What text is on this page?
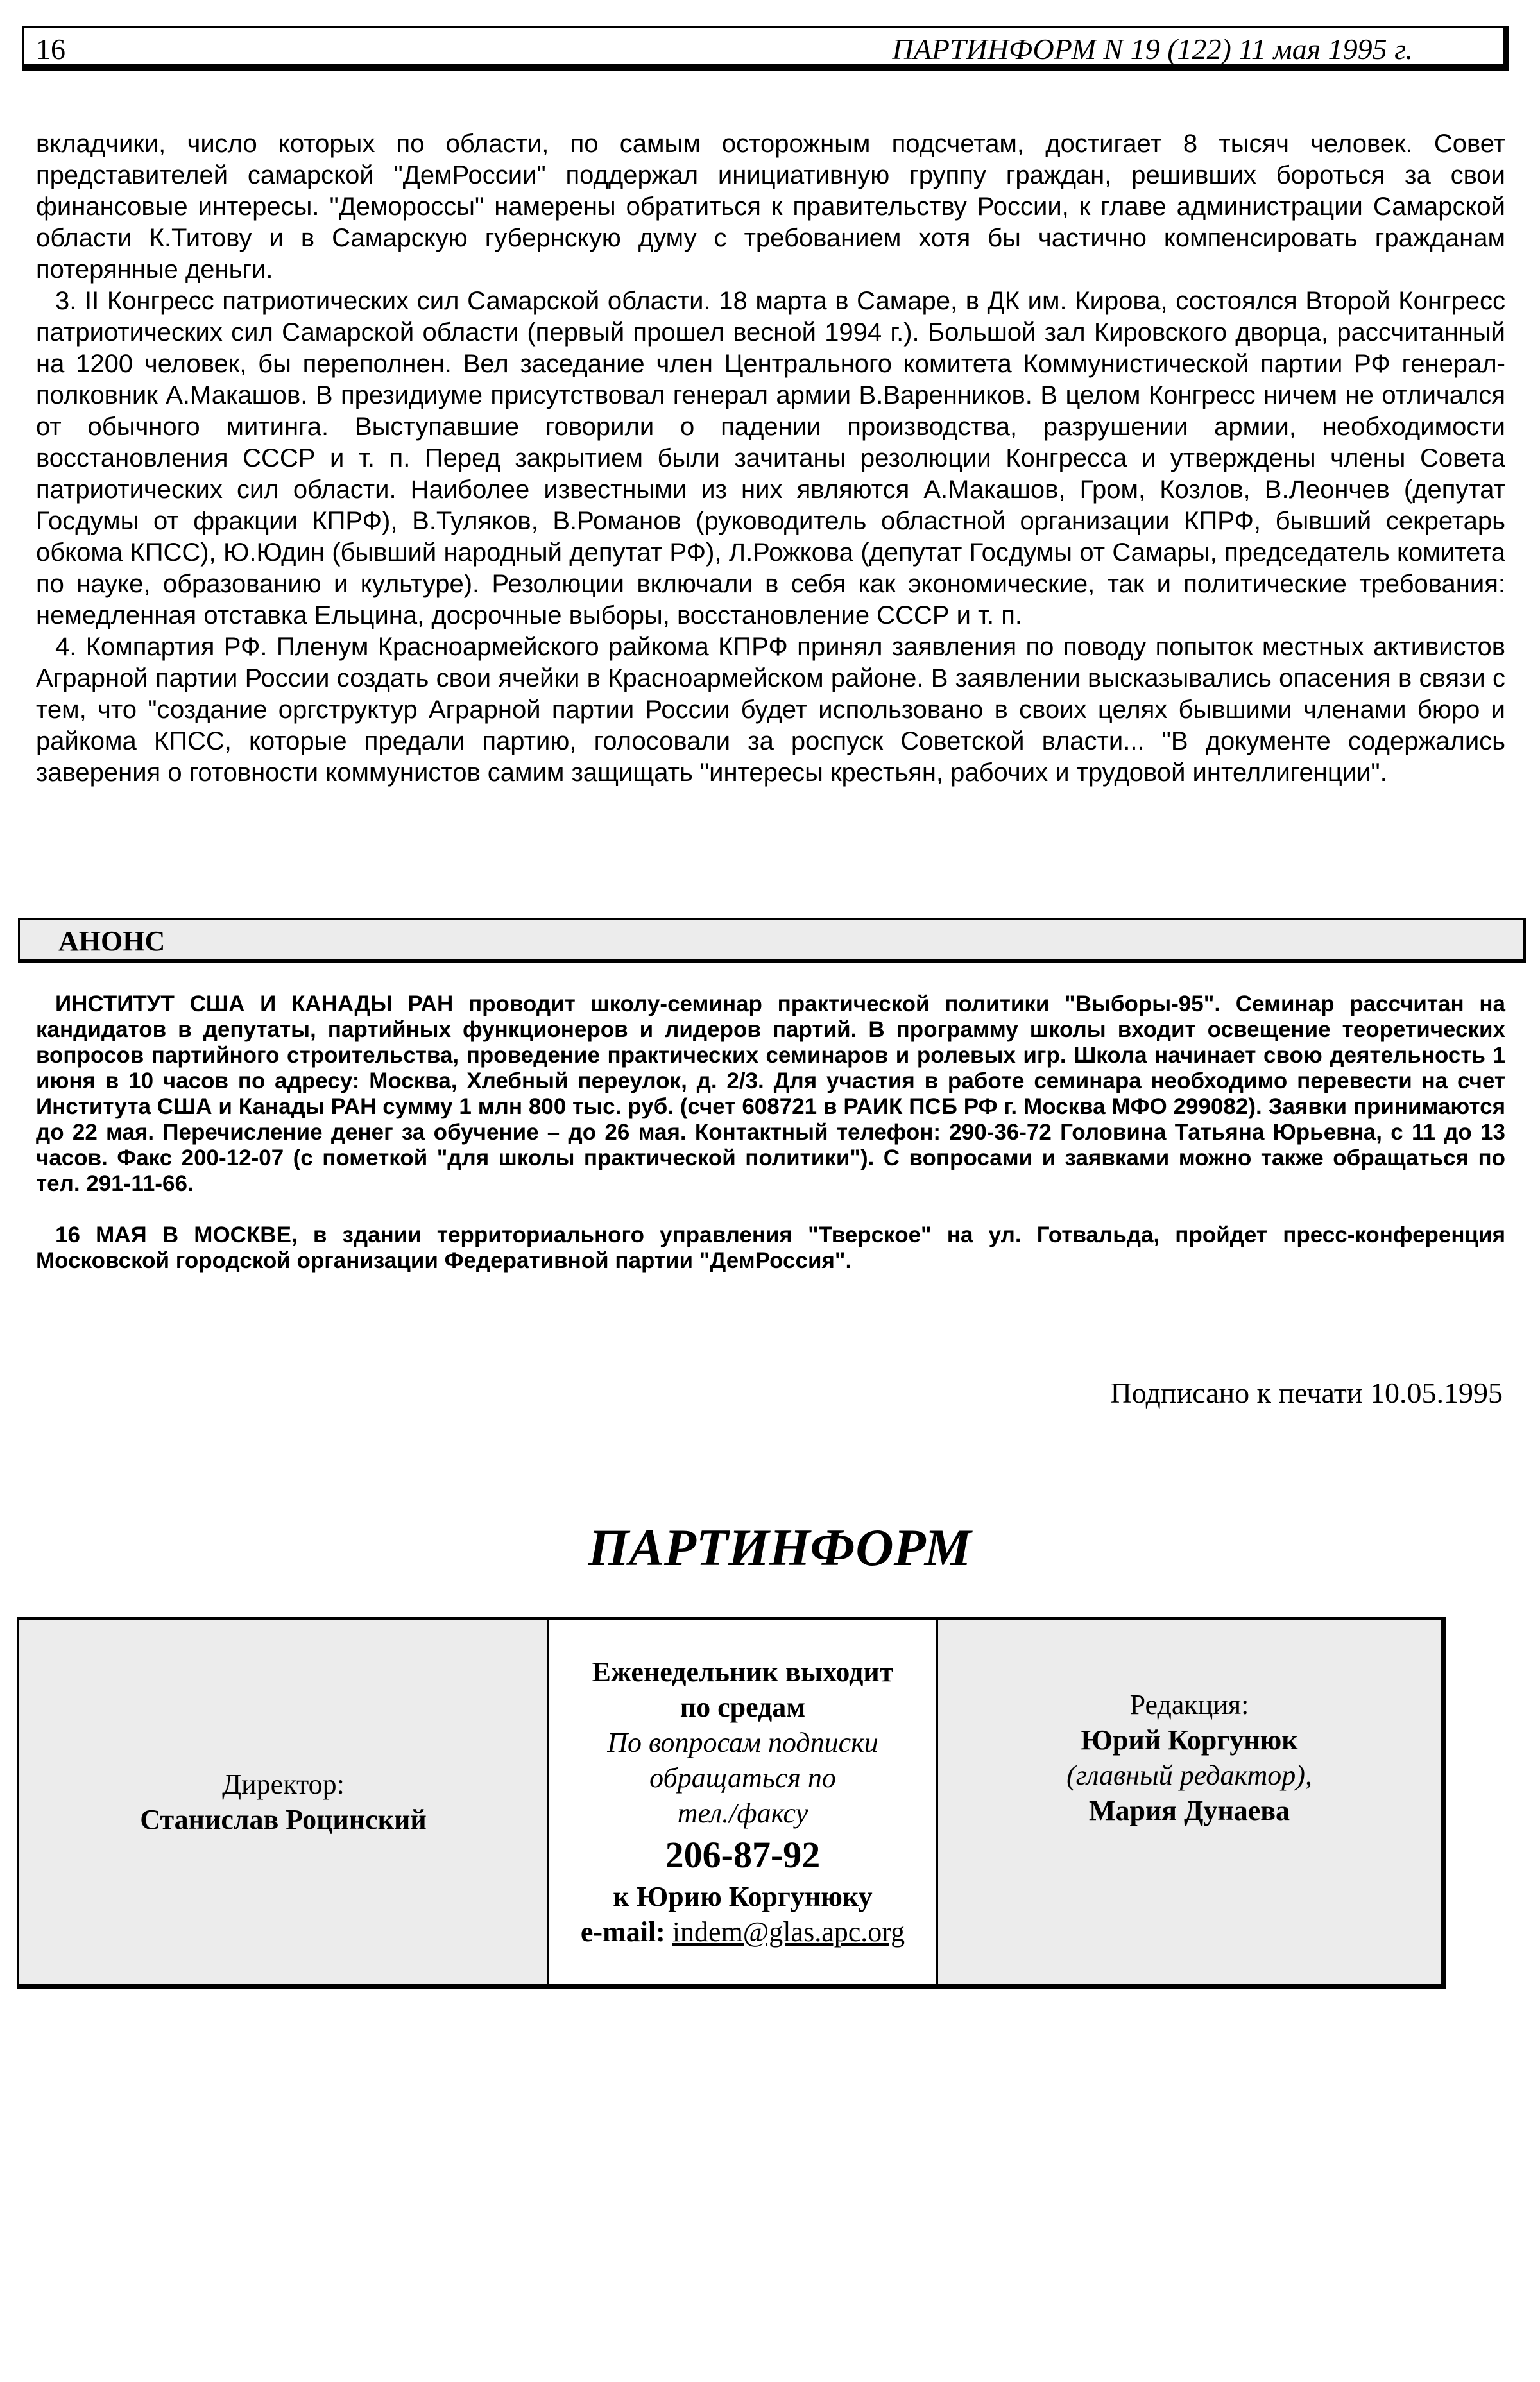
16	ПАРТИНФОРМ N 19 (122) 11 мая 1995 г.

вкладчики, число которых по области, по самым осторожным подсчетам, достигает 8 тысяч человек. Совет представителей самарской "ДемРоссии" поддержал инициативную группу граждан, решивших бороться за свои финансовые интересы. "Демороссы" намерены обратиться к правительству России, к главе администрации Самарской области К.Титову и в Самарскую губернскую думу с требованием хотя бы частично компенсировать гражданам потерянные деньги.

3. II Конгресс патриотических сил Самарской области. 18 марта в Самаре, в ДК им. Кирова, состоялся Второй Конгресс патриотических сил Самарской области (первый прошел весной 1994 г.). Большой зал Кировского дворца, рассчитанный на 1200 человек, бы переполнен. Вел заседание член Центрального комитета Коммунистической партии РФ генерал-полковник А.Макашов. В президиуме присутствовал генерал армии В.Варенников. В целом Конгресс ничем не отличался от обычного митинга. Выступавшие говорили о падении производства, разрушении армии, необходимости восстановления СССР и т. п. Перед закрытием были зачитаны резолюции Конгресса и утверждены члены Совета патриотических сил области. Наиболее известными из них являются А.Макашов, Гром, Козлов, В.Леончев (депутат Госдумы от фракции КПРФ), В.Туляков, В.Романов (руководитель областной организации КПРФ, бывший секретарь обкома КПСС), Ю.Юдин (бывший народный депутат РФ), Л.Рожкова (депутат Госдумы от Самары, председатель комитета по науке, образованию и культуре). Резолюции включали в себя как экономические, так и политические требования: немедленная отставка Ельцина, досрочные выборы, восстановление СССР и т. п.

4. Компартия РФ. Пленум Красноармейского райкома КПРФ принял заявления по поводу попыток местных активистов Аграрной партии России создать свои ячейки в Красноармейском районе. В заявлении высказывались опасения в связи с тем, что "создание оргструктур Аграрной партии России будет использовано в своих целях бывшими членами бюро и райкома КПСС, которые предали партию, голосовали за роспуск Советской власти... "В документе содержались заверения о готовности коммунистов самим защищать "интересы крестьян, рабочих и трудовой интеллигенции".

АНОНС

ИНСТИТУТ США И КАНАДЫ РАН проводит школу-семинар практической политики "Выборы-95". Семинар рассчитан на кандидатов в депутаты, партийных функционеров и лидеров партий. В программу школы входит освещение теоретических вопросов партийного строительства, проведение практических семинаров и ролевых игр. Школа начинает свою деятельность 1 июня в 10 часов по адресу: Москва, Хлебный переулок, д. 2/3. Для участия в работе семинара необходимо перевести на счет Института США и Канады РАН сумму 1 млн 800 тыс. руб. (счет 608721 в РАИК ПСБ РФ г. Москва МФО 299082). Заявки принимаются до 22 мая. Перечисление денег за обучение – до 26 мая. Контактный телефон: 290-36-72 Головина Татьяна Юрьевна, с 11 до 13 часов. Факс 200-12-07 (с пометкой "для школы практической политики"). С вопросами и заявками можно также обращаться по тел. 291-11-66.

16 МАЯ В МОСКВЕ, в здании территориального управления "Тверское" на ул. Готвальда, пройдет пресс-конференция Московской городской организации Федеративной партии "ДемРоссия".

Подписано к печати 10.05.1995
ПАРТИНФОРМ
Директор:
Станислав Роцинский
Еженедельник выходит
по средам
По вопросам подписки
обращаться по
тел./факсу
206-87-92
к Юрию Коргунюку
e-mail: indem@glas.apc.org
Редакция:
Юрий Коргунюк
(главный редактор),
Мария Дунаева
